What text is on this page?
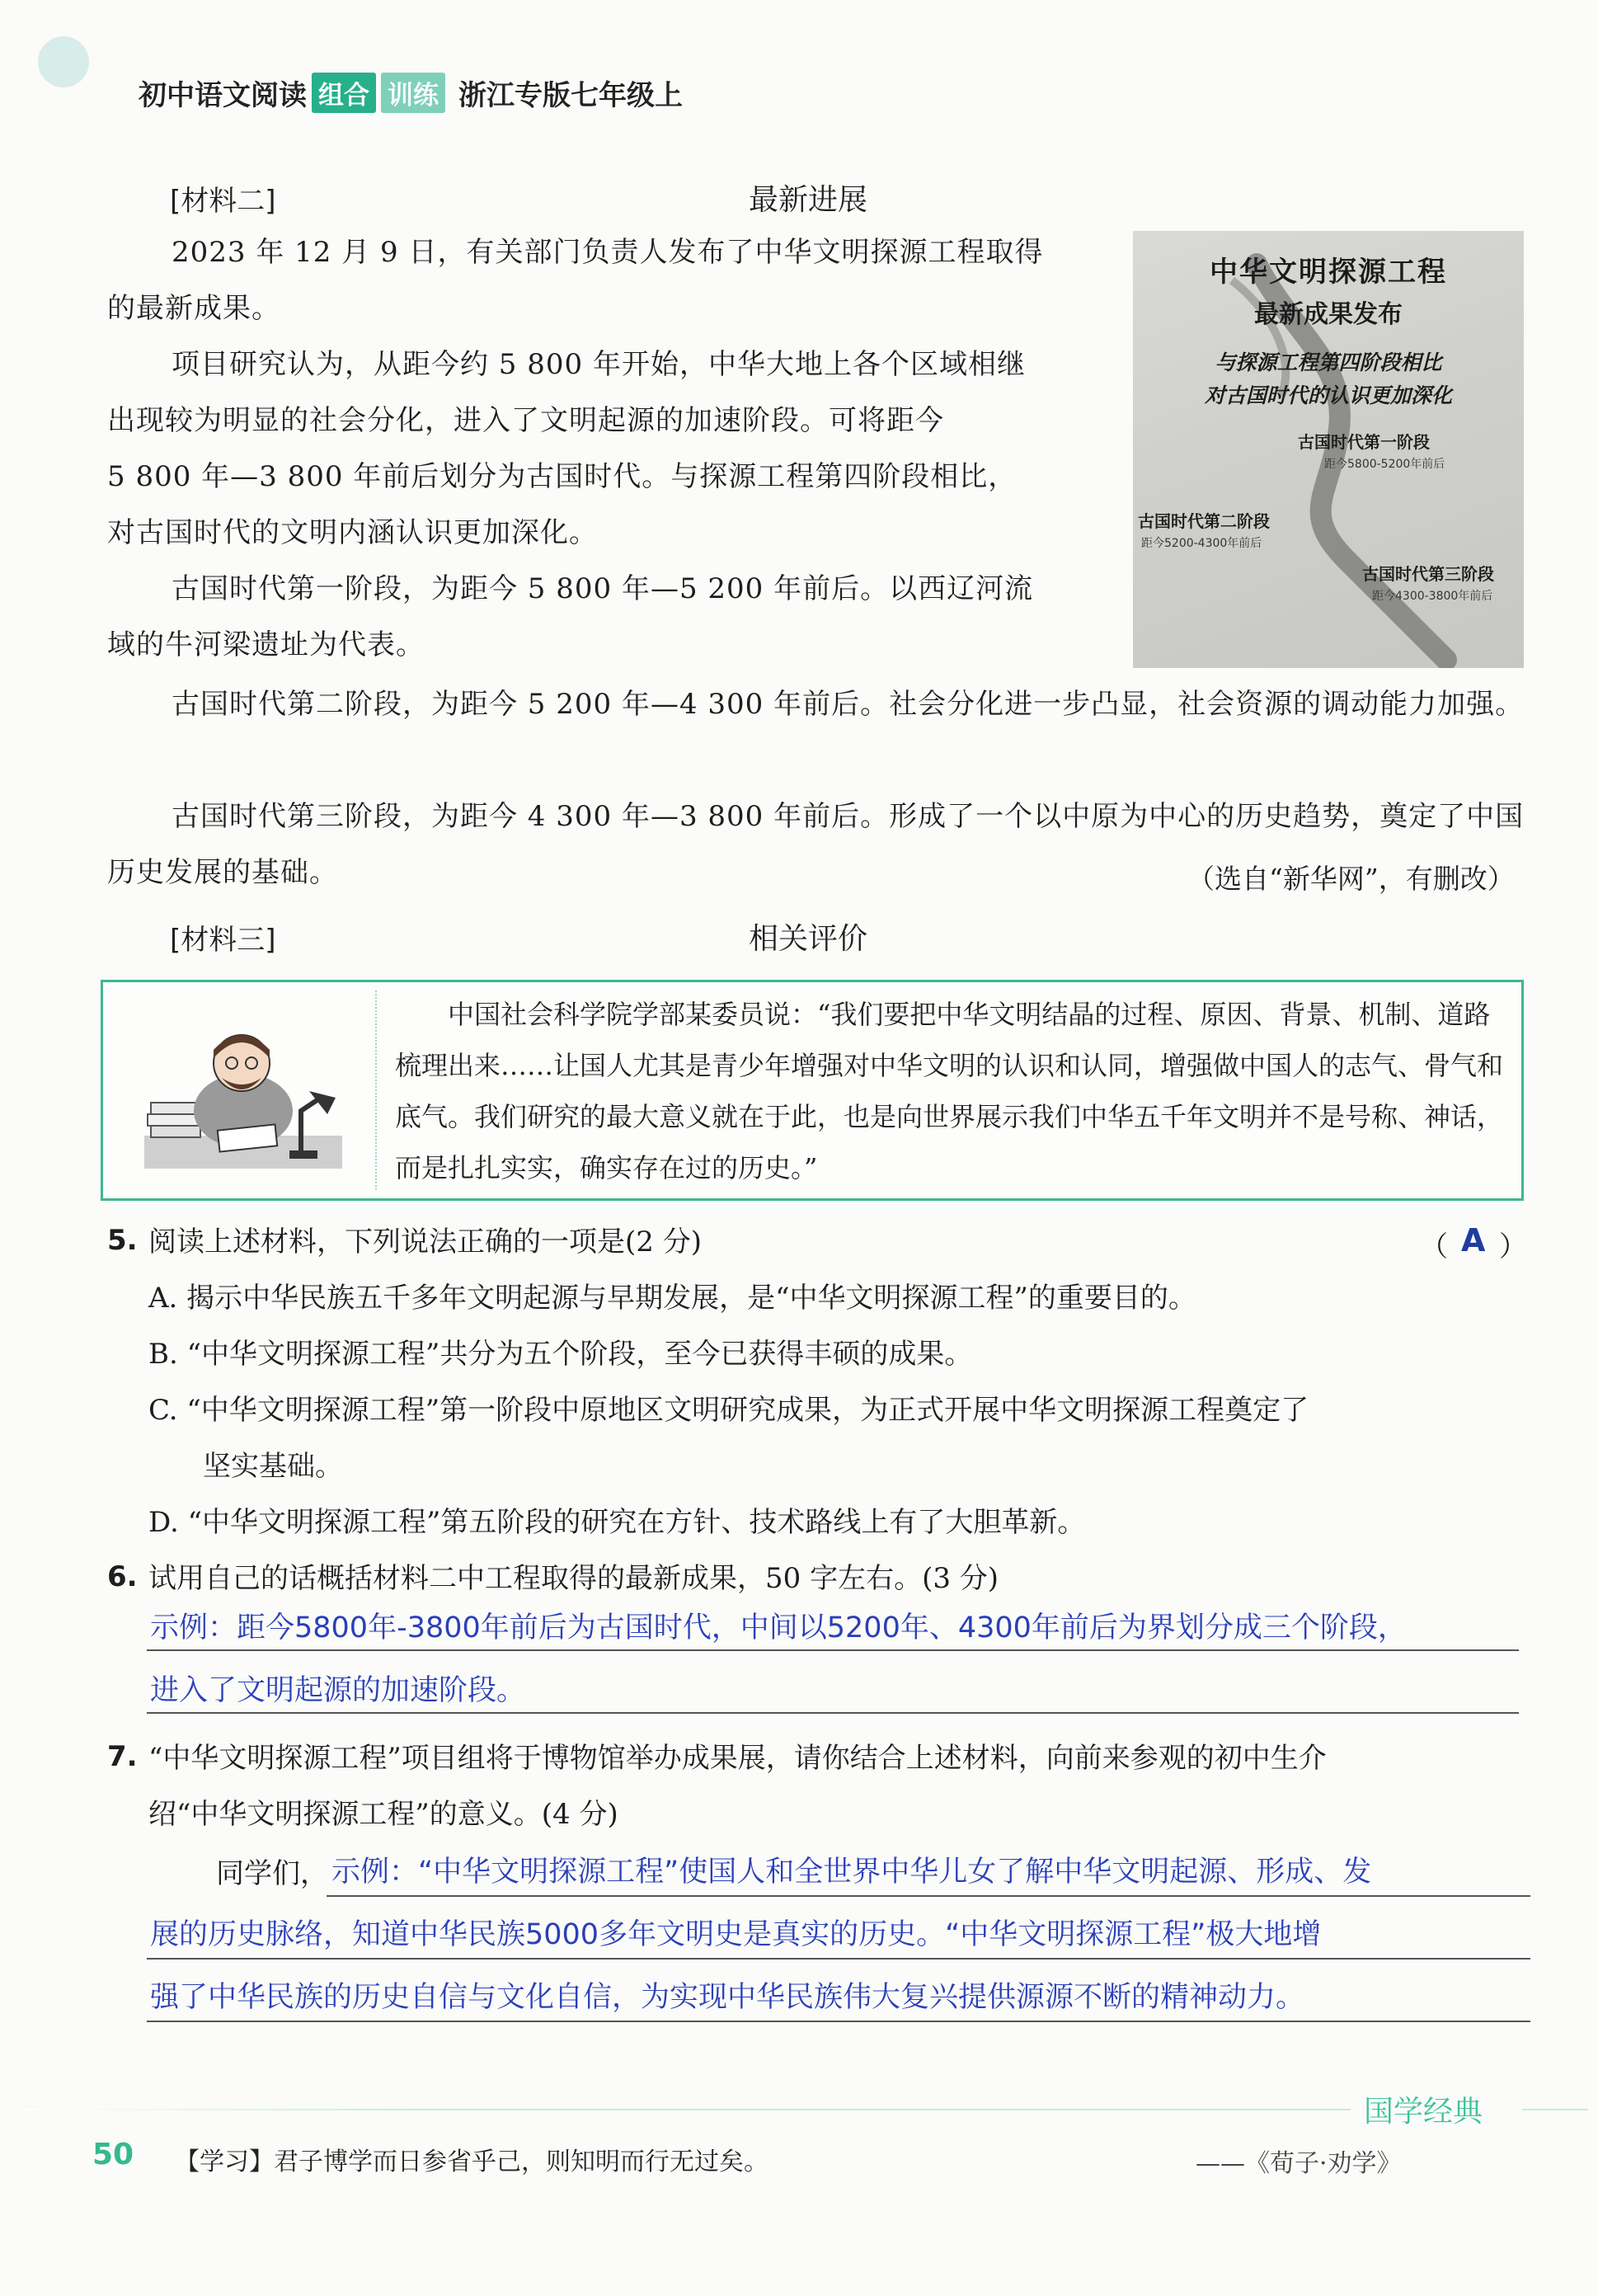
初中语文阅读 组合 训练 浙江专版七年级上
[材料二]	最新进展
2023 年 12 月 9 日，有关部门负责人发布了中华文明探源工程取得
的最新成果。
项目研究认为，从距今约 5 800 年开始，中华大地上各个区域相继
出现较为明显的社会分化，进入了文明起源的加速阶段。可将距今
5 800 年—3 800 年前后划分为古国时代。与探源工程第四阶段相比，
对古国时代的文明内涵认识更加深化。
古国时代第一阶段，为距今 5 800 年—5 200 年前后。以西辽河流
域的牛河梁遗址为代表。
古国时代第二阶段，为距今 5 200 年—4 300 年前后。社会分化进一步凸显，社会资源的调动能力加强。
古国时代第三阶段，为距今 4 300 年—3 800 年前后。形成了一个以中原为中心的历史趋势，奠定了中国历史发展的基础。	（选自“新华网”，有删改）
中华文明探源工程
最新成果发布
与探源工程第四阶段相比
对古国时代的认识更加深化
古国时代第一阶段
距今5800-5200年前后
古国时代第二阶段
距今5200-4300年前后
古国时代第三阶段
距今4300-3800年前后
[材料三]	相关评价
中国社会科学院学部某委员说：“我们要把中华文明结晶的过程、原因、背景、机制、道路梳理出来……让国人尤其是青少年增强对中华文明的认识和认同，增强做中国人的志气、骨气和底气。我们研究的最大意义就在于此，也是向世界展示我们中华五千年文明并不是号称、神话，而是扎扎实实，确实存在过的历史。”
5. 阅读上述材料，下列说法正确的一项是(2 分)	（ A ）
A. 揭示中华民族五千多年文明起源与早期发展，是“中华文明探源工程”的重要目的。
B. “中华文明探源工程”共分为五个阶段，至今已获得丰硕的成果。
C. “中华文明探源工程”第一阶段中原地区文明研究成果，为正式开展中华文明探源工程奠定了
坚实基础。
D. “中华文明探源工程”第五阶段的研究在方针、技术路线上有了大胆革新。
6. 试用自己的话概括材料二中工程取得的最新成果，50 字左右。(3 分)
示例：距今5800年-3800年前后为古国时代，中间以5200年、4300年前后为界划分成三个阶段，
进入了文明起源的加速阶段。
7. “中华文明探源工程”项目组将于博物馆举办成果展，请你结合上述材料，向前来参观的初中生介
绍“中华文明探源工程”的意义。(4 分)
同学们， 示例：“中华文明探源工程”使国人和全世界中华儿女了解中华文明起源、形成、发
展的历史脉络，知道中华民族5000多年文明史是真实的历史。“中华文明探源工程”极大地增
强了中华民族的历史自信与文化自信，为实现中华民族伟大复兴提供源源不断的精神动力。
国学经典
50 【学习】君子博学而日参省乎己，则知明而行无过矣。	——《荀子·劝学》
